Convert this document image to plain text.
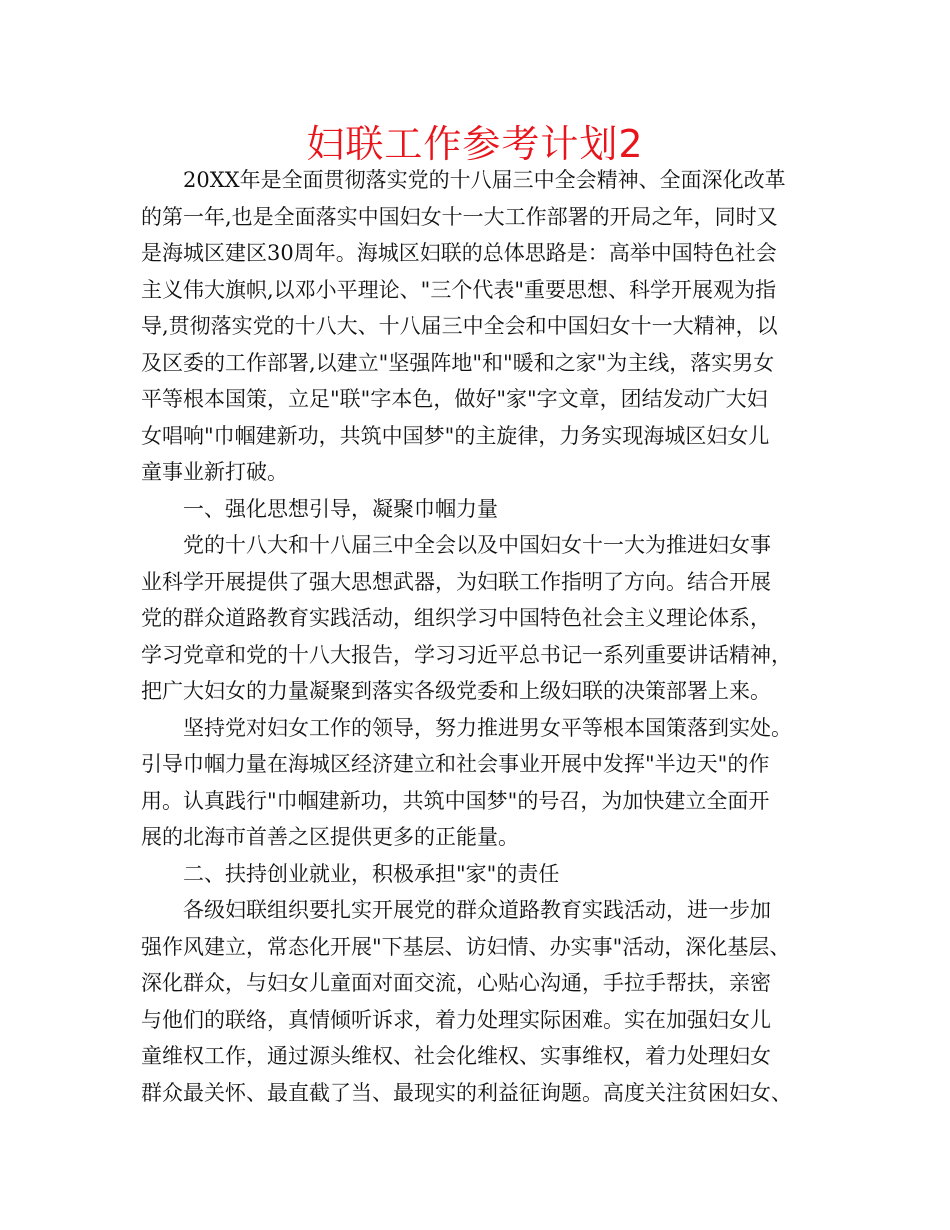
妇联工作参考计划2
20XX年是全面贯彻落实党的十八届三中全会精神、全面深化改革
的第一年,也是全面落实中国妇女十一大工作部署的开局之年，同时又
是海城区建区30周年。海城区妇联的总体思路是：高举中国特色社会
主义伟大旗帜,以邓小平理论、"三个代表"重要思想、科学开展观为指
导,贯彻落实党的十八大、十八届三中全会和中国妇女十一大精神，以
及区委的工作部署,以建立"坚强阵地"和"暖和之家"为主线，落实男女
平等根本国策，立足"联"字本色，做好"家"字文章，团结发动广大妇
女唱响"巾帼建新功，共筑中国梦"的主旋律，力务实现海城区妇女儿
童事业新打破。
一、强化思想引导，凝聚巾帼力量
党的十八大和十八届三中全会以及中国妇女十一大为推进妇女事
业科学开展提供了强大思想武器，为妇联工作指明了方向。结合开展
党的群众道路教育实践活动，组织学习中国特色社会主义理论体系，
学习党章和党的十八大报告，学习习近平总书记一系列重要讲话精神，
把广大妇女的力量凝聚到落实各级党委和上级妇联的决策部署上来。
坚持党对妇女工作的领导，努力推进男女平等根本国策落到实处。
引导巾帼力量在海城区经济建立和社会事业开展中发挥"半边天"的作
用。认真践行"巾帼建新功，共筑中国梦"的号召，为加快建立全面开
展的北海市首善之区提供更多的正能量。
二、扶持创业就业，积极承担"家"的责任
各级妇联组织要扎实开展党的群众道路教育实践活动，进一步加
强作风建立，常态化开展"下基层、访妇情、办实事"活动，深化基层、
深化群众，与妇女儿童面对面交流，心贴心沟通，手拉手帮扶，亲密
与他们的联络，真情倾听诉求，着力处理实际困难。实在加强妇女儿
童维权工作，通过源头维权、社会化维权、实事维权，着力处理妇女
群众最关怀、最直截了当、最现实的利益征询题。高度关注贫困妇女、
